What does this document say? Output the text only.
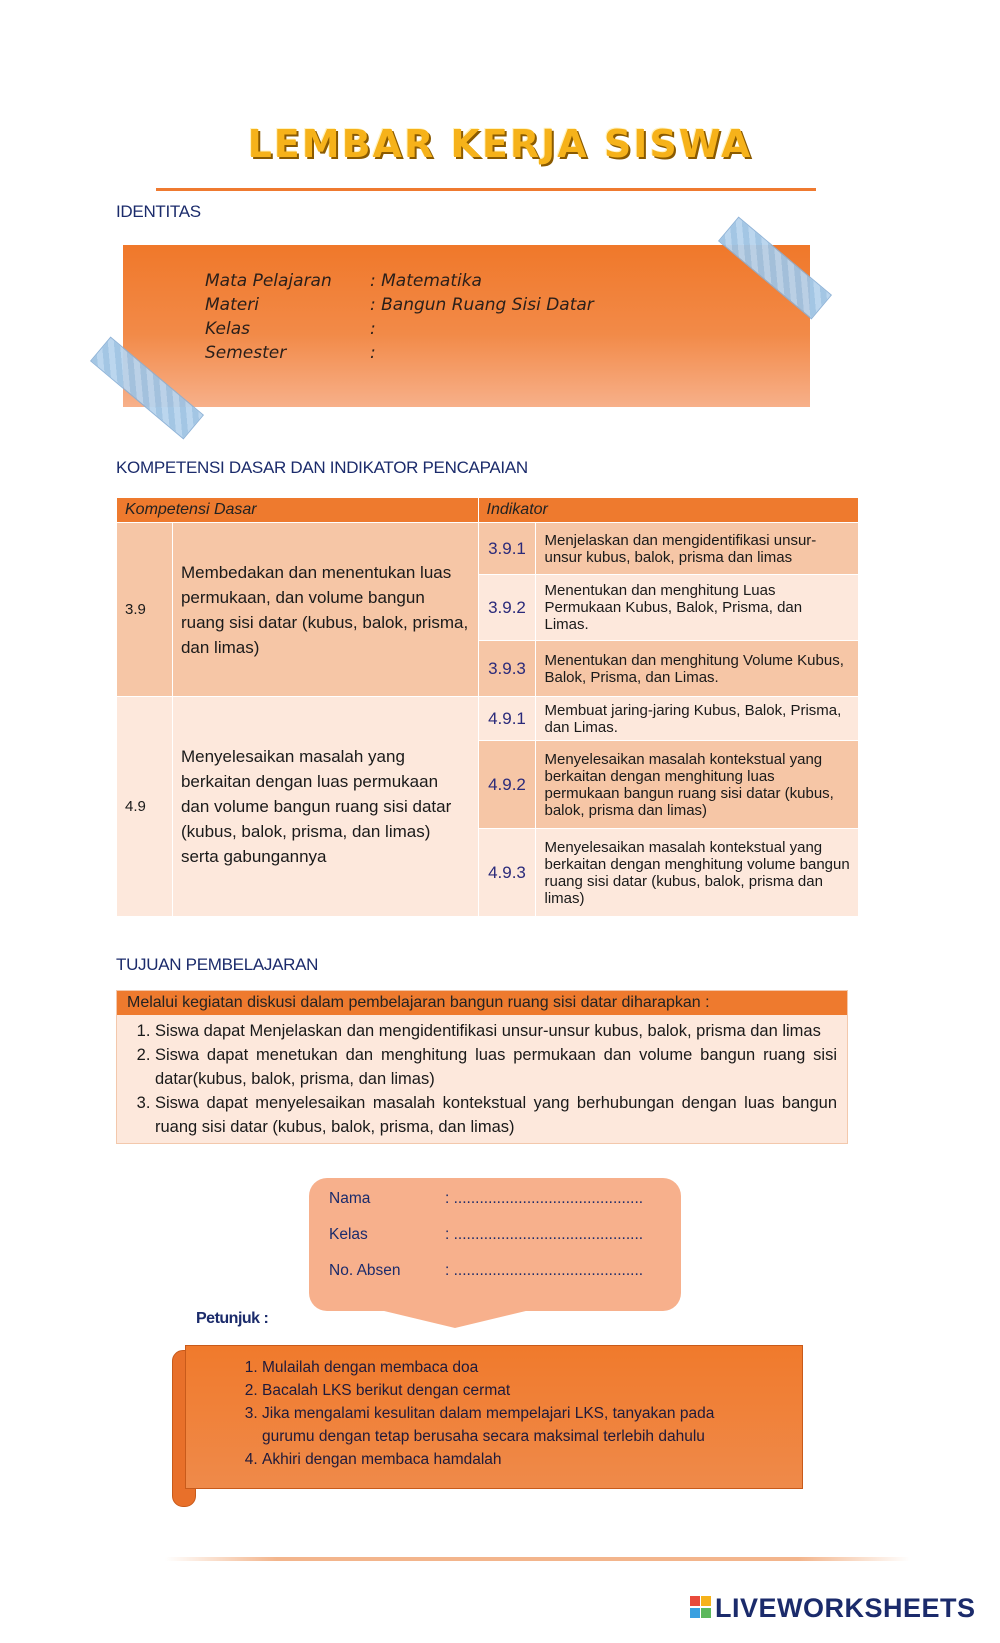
LEMBAR KERJA SISWA
IDENTITAS
Mata Pelajaran : Matematika
Materi	: Bangun Ruang Sisi Datar
Kelas	:
Semester	:
KOMPETENSI DASAR DAN INDIKATOR PENCAPAIAN
Kompetensi Dasar		Indikator	
3.9	Membedakan dan menentukan luas permukaan, dan volume bangun ruang sisi datar (kubus, balok, prisma, dan limas)	3.9.1	Menjelaskan dan mengidentifikasi unsur-unsur kubus, balok, prisma dan limas
		3.9.2	Menentukan dan menghitung Luas Permukaan Kubus, Balok, Prisma, dan Limas.
		3.9.3	Menentukan dan menghitung Volume Kubus, Balok, Prisma, dan Limas.
4.9	Menyelesaikan masalah yang berkaitan dengan luas permukaan dan volume bangun ruang sisi datar (kubus, balok, prisma, dan limas) serta gabungannya	4.9.1	Membuat jaring-jaring Kubus, Balok, Prisma, dan Limas.
		4.9.2	Menyelesaikan masalah kontekstual yang berkaitan dengan menghitung luas permukaan bangun ruang sisi datar (kubus, balok, prisma dan limas)
		4.9.3	Menyelesaikan masalah kontekstual yang berkaitan dengan menghitung volume bangun ruang sisi datar (kubus, balok, prisma dan limas)
TUJUAN PEMBELAJARAN
Melalui kegiatan diskusi dalam pembelajaran bangun ruang sisi datar diharapkan :
1. Siswa dapat Menjelaskan dan mengidentifikasi unsur-unsur kubus, balok, prisma dan limas
2. Siswa dapat menetukan dan menghitung luas permukaan dan volume bangun ruang sisi datar(kubus, balok, prisma, dan limas)
3. Siswa dapat menyelesaikan masalah kontekstual yang berhubungan dengan luas bangun ruang sisi datar (kubus, balok, prisma, dan limas)
Nama	: ............................................
Kelas	: ............................................
No. Absen	: ............................................
Petunjuk :
1. Mulailah dengan membaca doa
2. Bacalah LKS berikut dengan cermat
3. Jika mengalami kesulitan dalam mempelajari LKS, tanyakan pada gurumu dengan tetap berusaha secara maksimal terlebih dahulu
4. Akhiri dengan membaca hamdalah
LIVEWORKSHEETS
